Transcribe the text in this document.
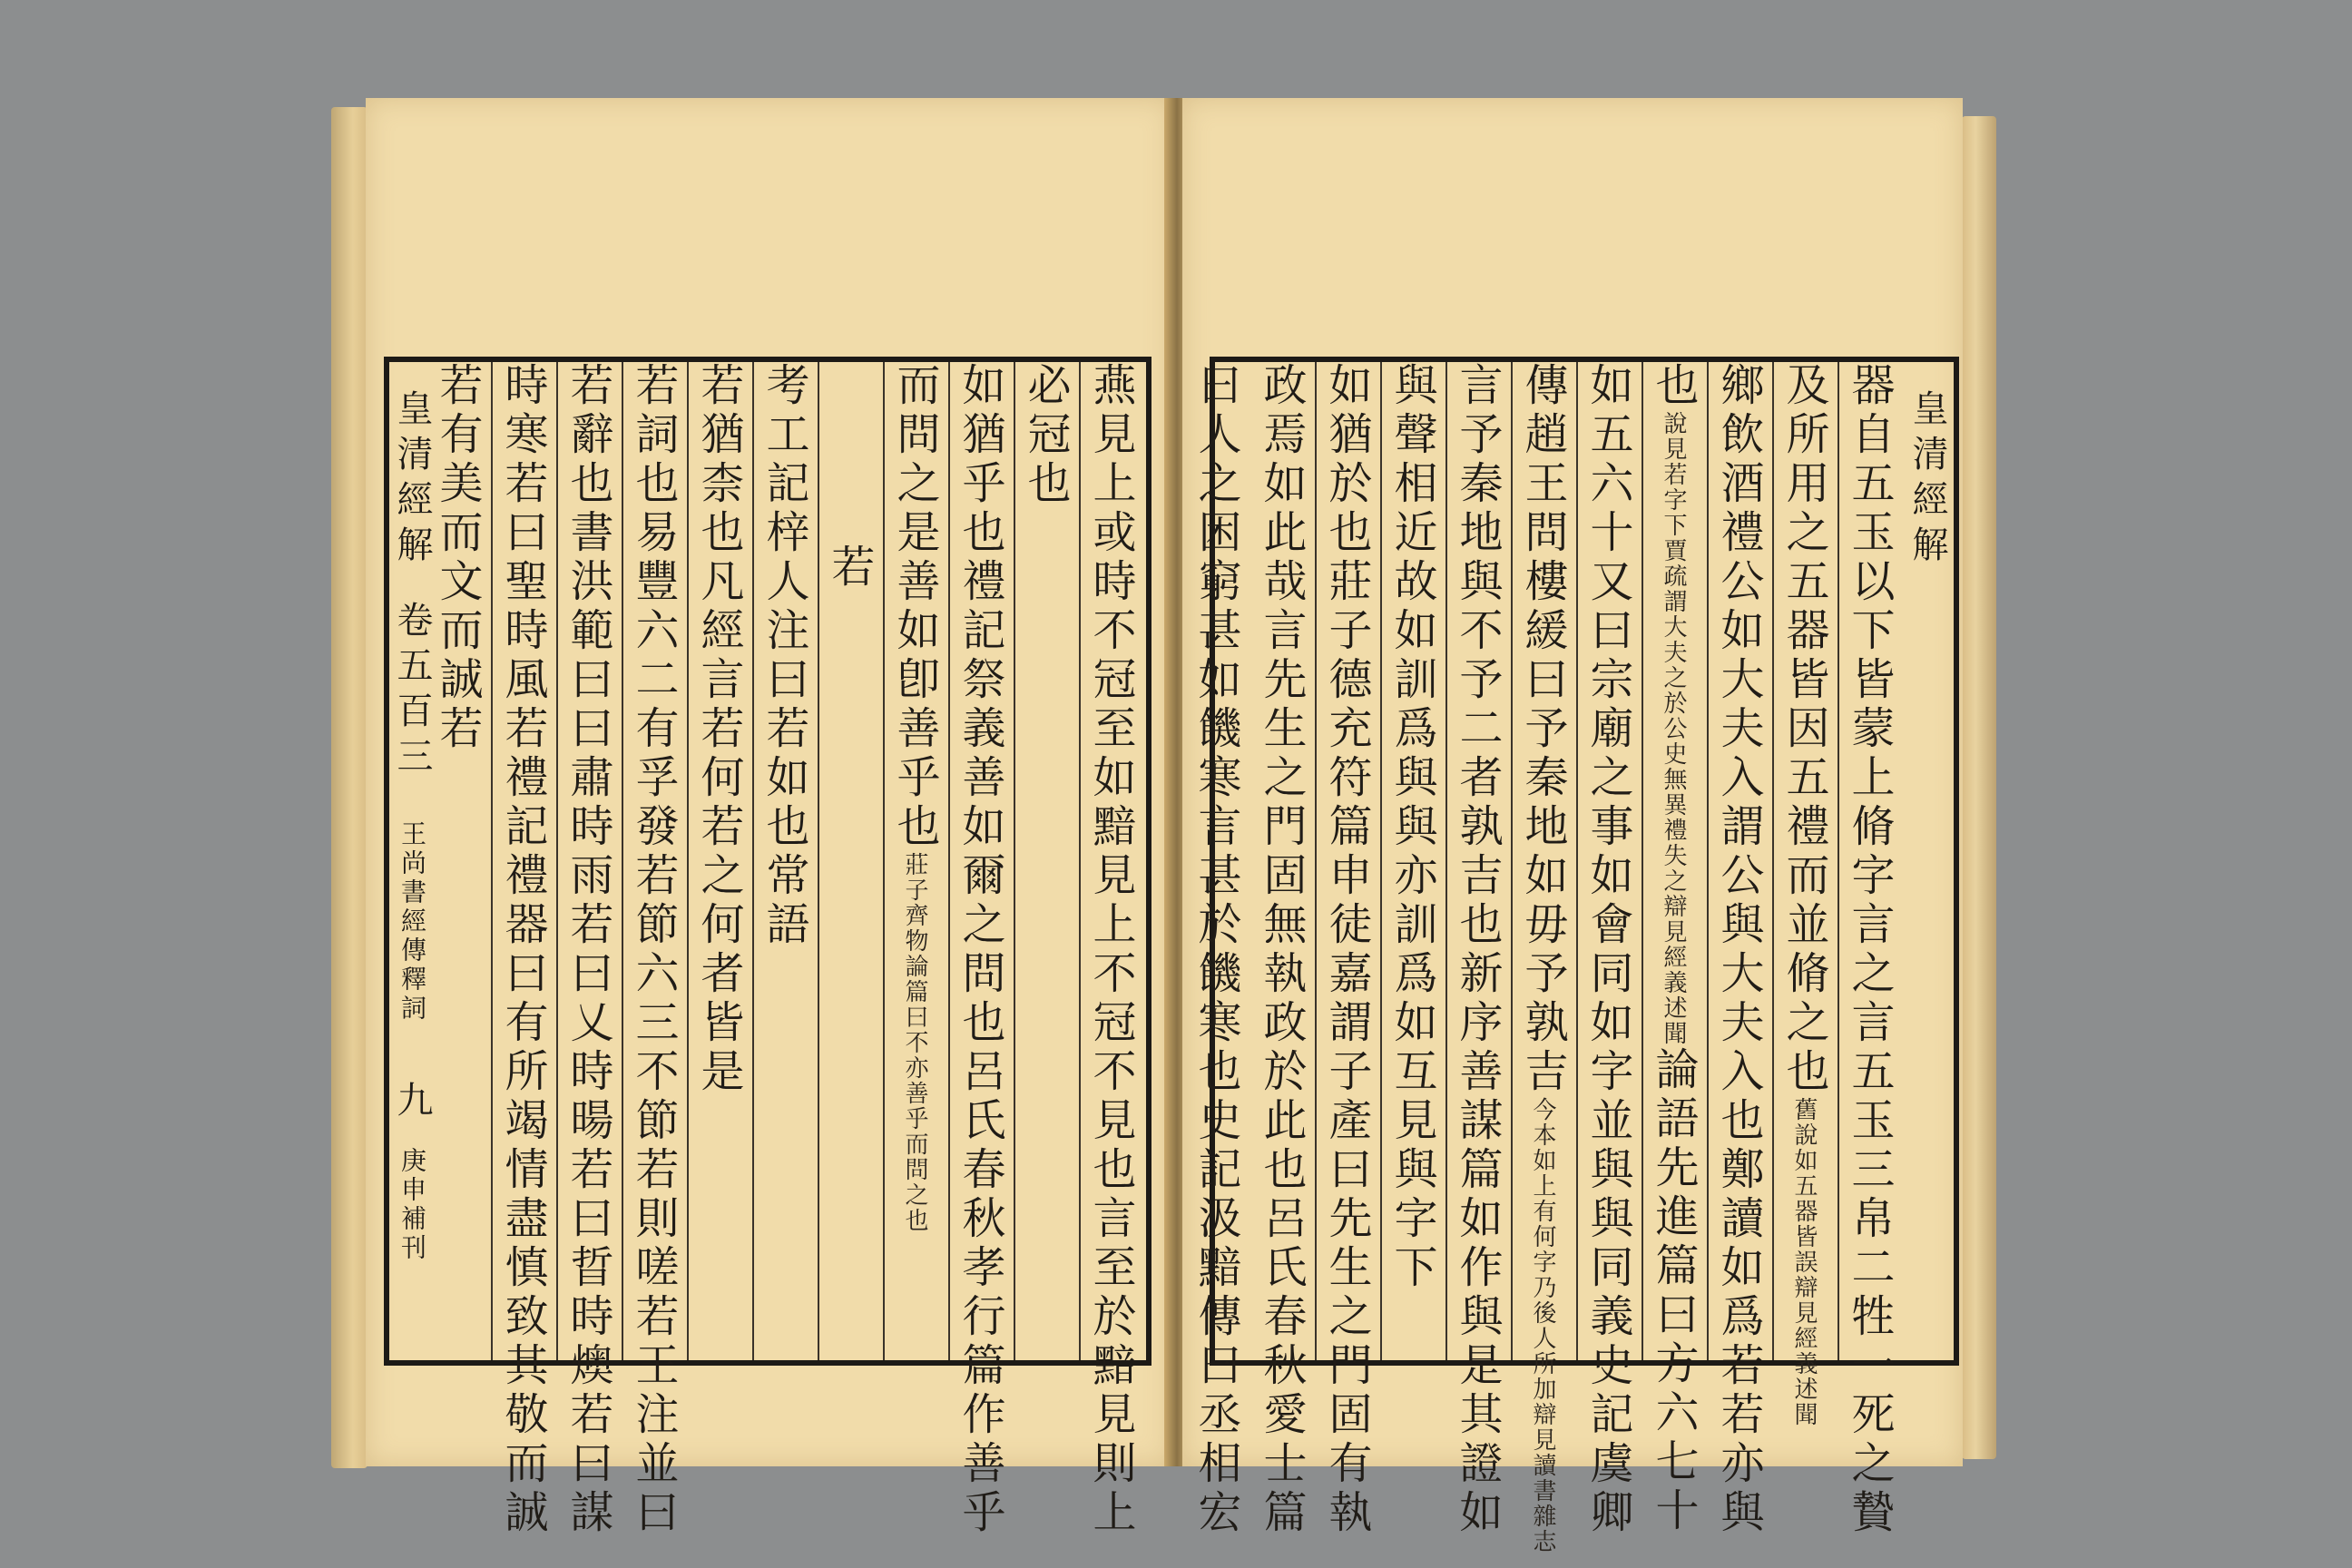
皇清經解 卷五百三 王尚書經傳釋詞 九 庚申補刊	燕見上或時不冠至如黯見上不冠不見也言至於黯見則上
必冠也
如猶乎也禮記祭義善如爾之問也呂氏春秋孝行篇作善乎
而問之是善如卽善乎也莊子齊物論篇曰不亦善乎而問之也
若
考工記梓人注曰若如也常語
若猶柰也凡經言若何若之何者皆是
若詞也易豐六二有孚發若節六三不節若則嗟若王注並曰
若辭也書洪範曰曰肅時雨若曰乂時暘若曰晢時燠若曰謀
時寒若曰聖時風若禮記禮器曰有所竭情盡慎致其敬而誠
若有美而文而誠若	皇清經解
器自五玉以下皆蒙上脩字言之言五玉三帛二牲一死之贄
及所用之五器皆因五禮而並脩之也舊說如五器皆誤辯見經義述聞
鄉飲酒禮公如大夫入謂公與大夫入也鄭讀如爲若若亦與
也說見若字下賈疏謂大夫之於公史無異禮失之辯見經義述聞論語先進篇曰方六七十
如五六十又曰宗廟之事如會同如字並與與同義史記虞卿
傳趙王問樓緩曰予秦地如毋予孰吉今本如上有何字乃後人所加辯見讀書雜志
言予秦地與不予二者孰吉也新序善謀篇如作與是其證如
與聲相近故如訓爲與與亦訓爲如互見與字下
如猶於也莊子德充符篇申徒嘉謂子產曰先生之門固有執
政焉如此哉言先生之門固無執政於此也呂氏春秋愛士篇
曰人之困窮甚如饑寒言甚於饑寒也史記汲黯傳曰丞相宏
